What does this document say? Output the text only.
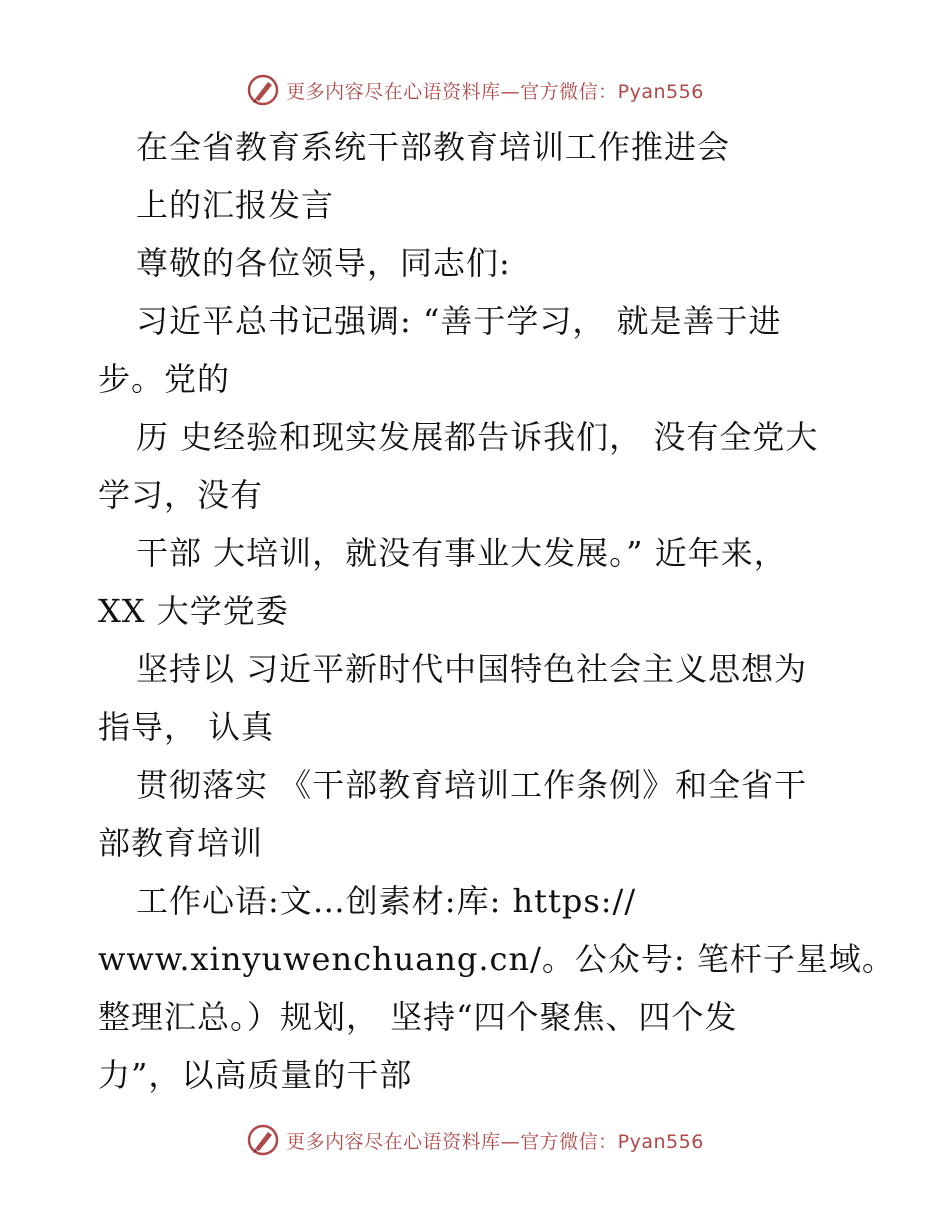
更多内容尽在心语资料库—官方微信：Pyan556
在全省教育系统干部教育培训工作推进会
上的汇报发言
尊敬的各位领导，同志们:
习近平总书记强调: “善于学习， 就是善于进
步。党的
历 史经验和现实发展都告诉我们， 没有全党大
学习，没有
干部 大培训，就没有事业大发展。” 近年来，
XX 大学党委
坚持以 习近平新时代中国特色社会主义思想为
指导， 认真
贯彻落实 《干部教育培训工作条例》和全省干
部教育培训
工作心语:文…创素材:库: https://
www.xinyuwenchuang.cn/。公众号: 笔杆子星域。
整理汇总。）规划， 坚持“四个聚焦、四个发
力”，以高质量的干部
更多内容尽在心语资料库—官方微信：Pyan556
